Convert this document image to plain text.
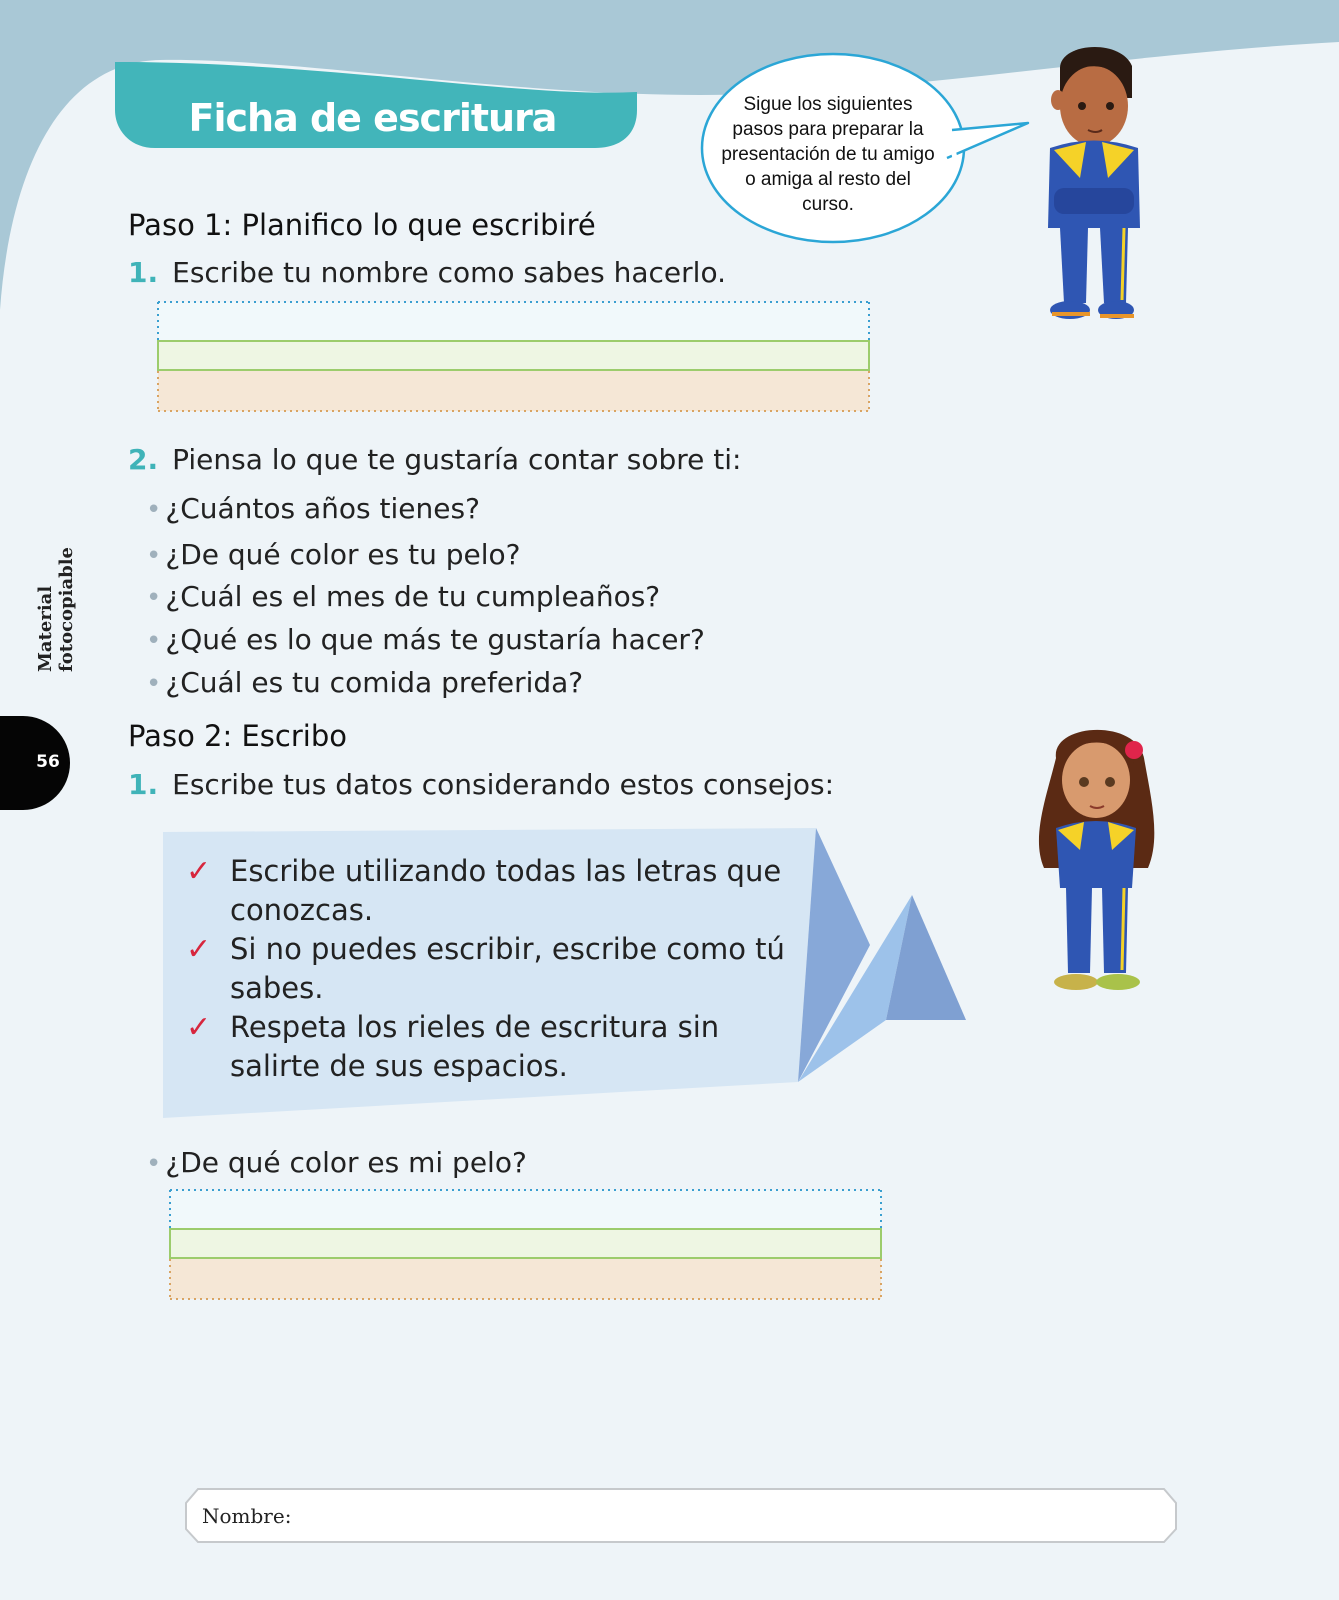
Ficha de escritura	Sigue los siguientes pasos para preparar la presentación de tu amigo o amiga al resto del curso.
Paso 1: Planifico lo que escribiré
1. Escribe tu nombre como sabes hacerlo.
2. Piensa lo que te gustaría contar sobre ti:
• ¿Cuántos años tienes?
• ¿De qué color es tu pelo?
• ¿Cuál es el mes de tu cumpleaños?
• ¿Qué es lo que más te gustaría hacer?
• ¿Cuál es tu comida preferida?
Paso 2: Escribo
1. Escribe tus datos considerando estos consejos:
✓ Escribe utilizando todas las letras que conozcas.
✓ Si no puedes escribir, escribe como tú sabes.
✓ Respeta los rieles de escritura sin salirte de sus espacios.
• ¿De qué color es mi pelo?
Material fotocopiable
56
Nombre:
